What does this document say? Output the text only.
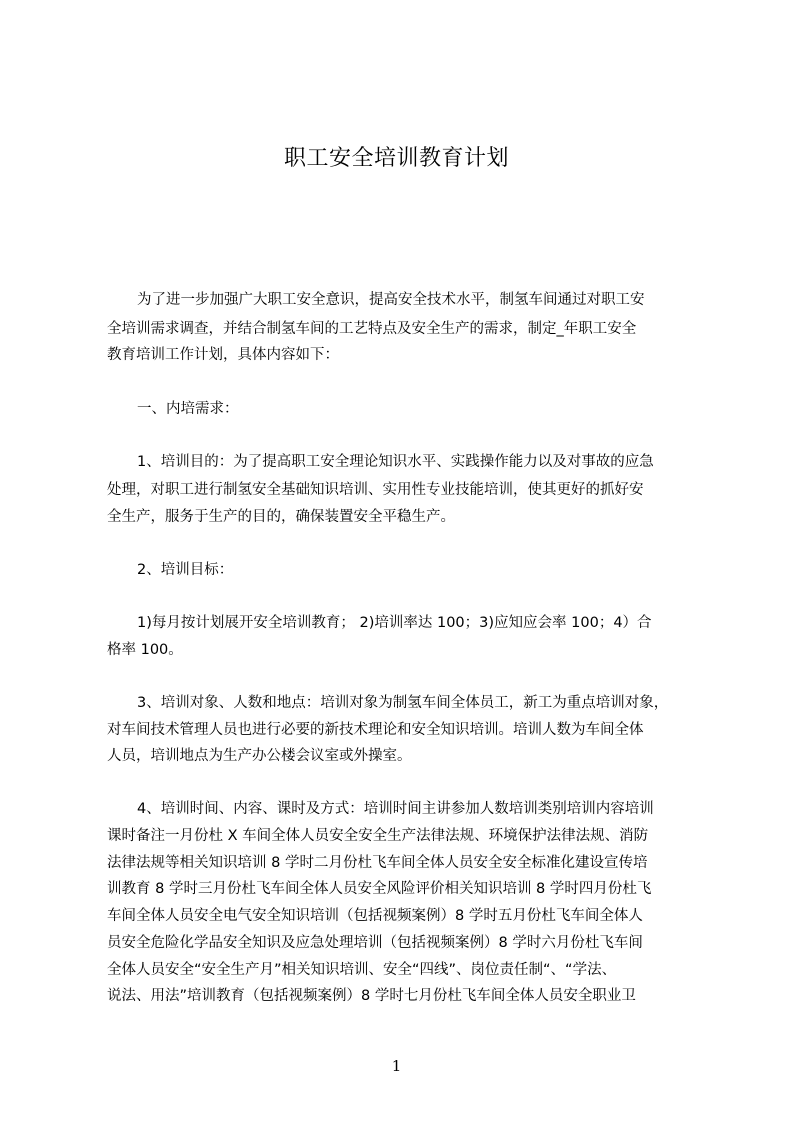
职工安全培训教育计划

为了进一步加强广大职工安全意识，提高安全技术水平，制氢车间通过对职工安

全培训需求调查，并结合制氢车间的工艺特点及安全生产的需求，制定_年职工安全

教育培训工作计划，具体内容如下：

一、内培需求：

1、培训目的：为了提高职工安全理论知识水平、实践操作能力以及对事故的应急

处理，对职工进行制氢安全基础知识培训、实用性专业技能培训，使其更好的抓好安

全生产，服务于生产的目的，确保装置安全平稳生产。

2、培训目标：

1)每月按计划展开安全培训教育； 2)培训率达 100；3)应知应会率 100；4）合

格率 100。

3、培训对象、人数和地点：培训对象为制氢车间全体员工，新工为重点培训对象，

对车间技术管理人员也进行必要的新技术理论和安全知识培训。培训人数为车间全体

人员，培训地点为生产办公楼会议室或外操室。

4、培训时间、内容、课时及方式：培训时间主讲参加人数培训类别培训内容培训

课时备注一月份杜 X 车间全体人员安全安全生产法律法规、环境保护法律法规、消防

法律法规等相关知识培训 8 学时二月份杜飞车间全体人员安全安全标准化建设宣传培

训教育 8 学时三月份杜飞车间全体人员安全风险评价相关知识培训 8 学时四月份杜飞

车间全体人员安全电气安全知识培训（包括视频案例）8 学时五月份杜飞车间全体人

员安全危险化学品安全知识及应急处理培训（包括视频案例）8 学时六月份杜飞车间

全体人员安全“安全生产月”相关知识培训、安全“四线”、岗位责任制“、“学法、

说法、用法”培训教育（包括视频案例）8 学时七月份杜飞车间全体人员安全职业卫

1
